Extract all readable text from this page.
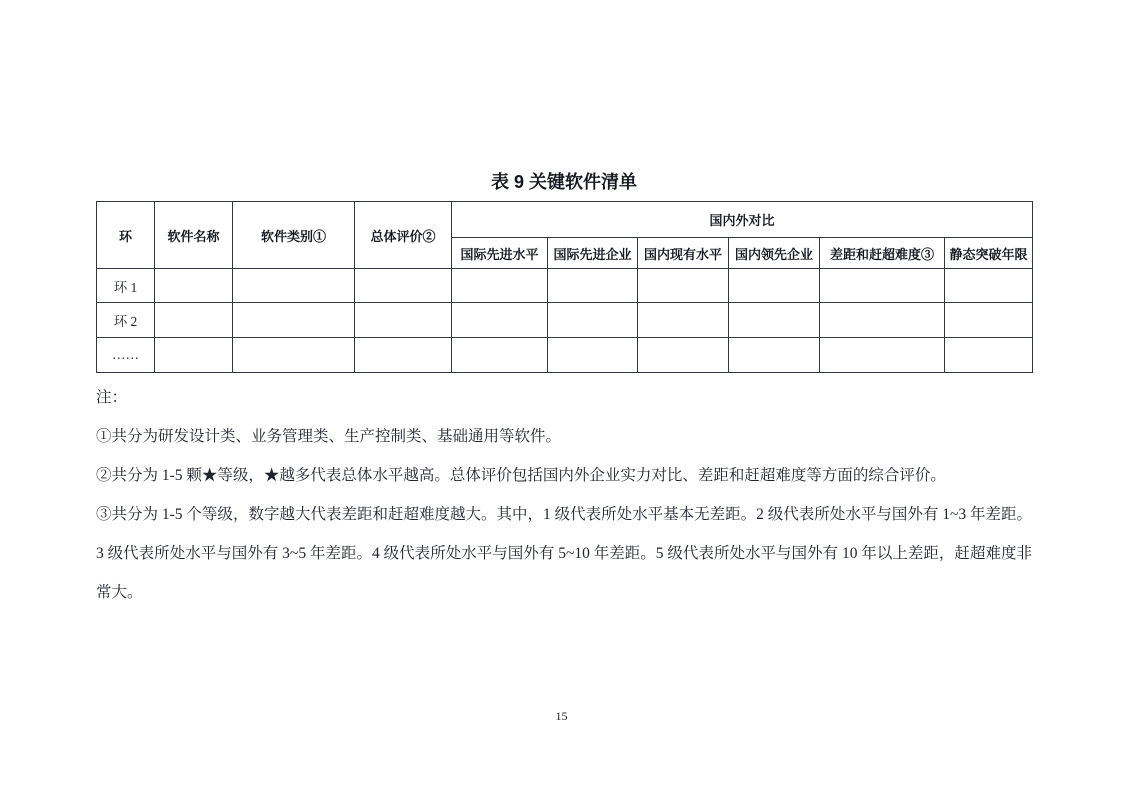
表 9 关键软件清单
环	软件名称	软件类别①	总体评价②	国内外对比					
				国际先进水平	国际先进企业	国内现有水平	国内领先企业	差距和赶超难度③	静态突破年限
环 1									
环 2									
……									

注：

①共分为研发设计类、业务管理类、生产控制类、基础通用等软件。

②共分为 1-5 颗★等级，★越多代表总体水平越高。总体评价包括国内外企业实力对比、差距和赶超难度等方面的综合评价。

③共分为 1-5 个等级，数字越大代表差距和赶超难度越大。其中，1 级代表所处水平基本无差距。2 级代表所处水平与国外有 1~3 年差距。3 级代表所处水平与国外有 3~5 年差距。4 级代表所处水平与国外有 5~10 年差距。5 级代表所处水平与国外有 10 年以上差距，赶超难度非常大。

15
